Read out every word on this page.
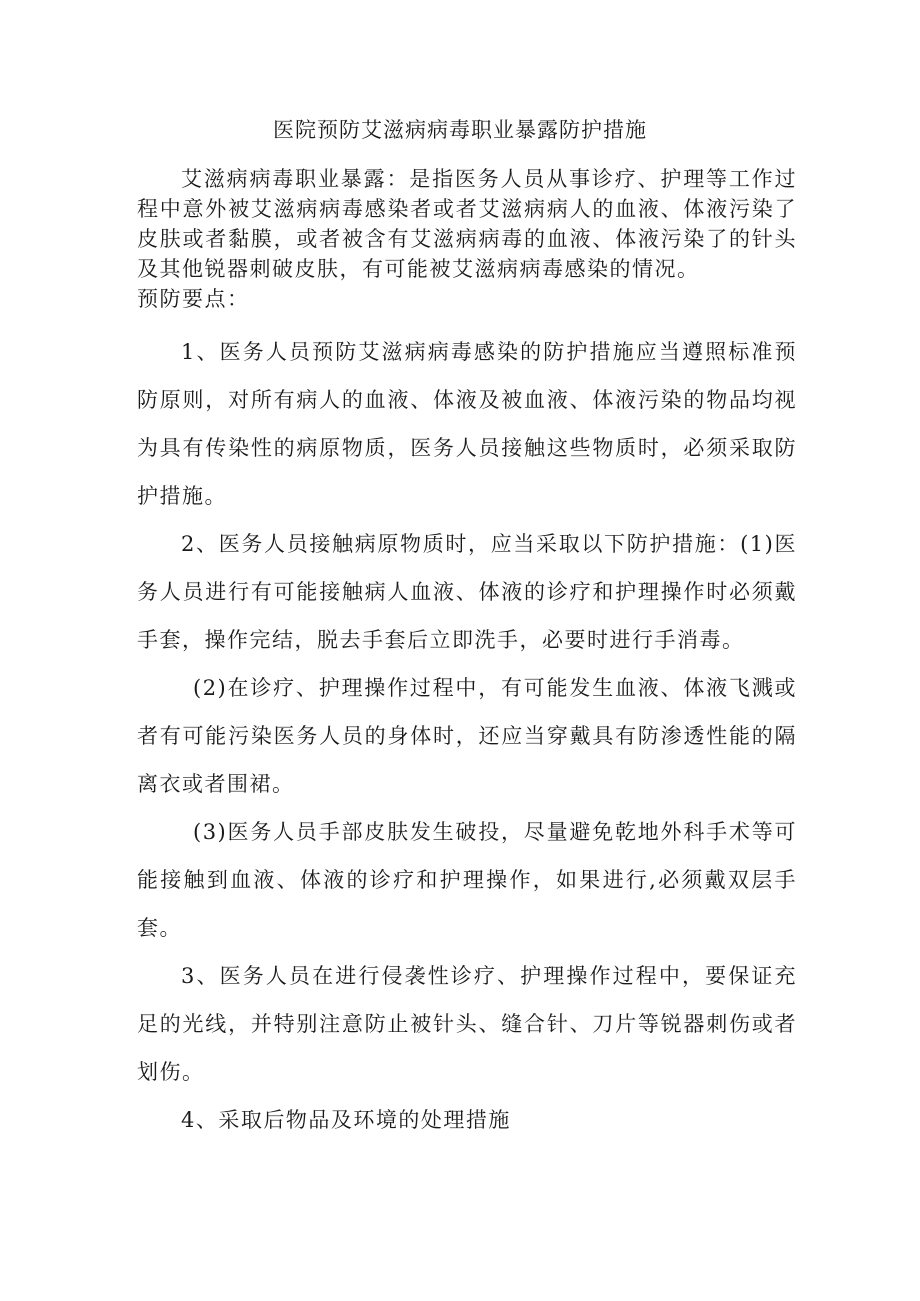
医院预防艾滋病病毒职业暴露防护措施

艾滋病病毒职业暴露：是指医务人员从事诊疗、护理等工作过程中意外被艾滋病病毒感染者或者艾滋病病人的血液、体液污染了皮肤或者黏膜，或者被含有艾滋病病毒的血液、体液污染了的针头及其他锐器刺破皮肤，有可能被艾滋病病毒感染的情况。

预防要点：

1、医务人员预防艾滋病病毒感染的防护措施应当遵照标准预防原则，对所有病人的血液、体液及被血液、体液污染的物品均视为具有传染性的病原物质，医务人员接触这些物质时，必须采取防护措施。

2、医务人员接触病原物质时，应当采取以下防护措施：(1)医务人员进行有可能接触病人血液、体液的诊疗和护理操作时必须戴手套，操作完结，脱去手套后立即洗手，必要时进行手消毒。

(2)在诊疗、护理操作过程中，有可能发生血液、体液飞溅或者有可能污染医务人员的身体时，还应当穿戴具有防渗透性能的隔离衣或者围裙。

(3)医务人员手部皮肤发生破投，尽量避免乾地外科手术等可能接触到血液、体液的诊疗和护理操作，如果进行,必须戴双层手套。

3、医务人员在进行侵袭性诊疗、护理操作过程中，要保证充足的光线，并特别注意防止被针头、缝合针、刀片等锐器刺伤或者划伤。

4、采取后物品及环境的处理措施
